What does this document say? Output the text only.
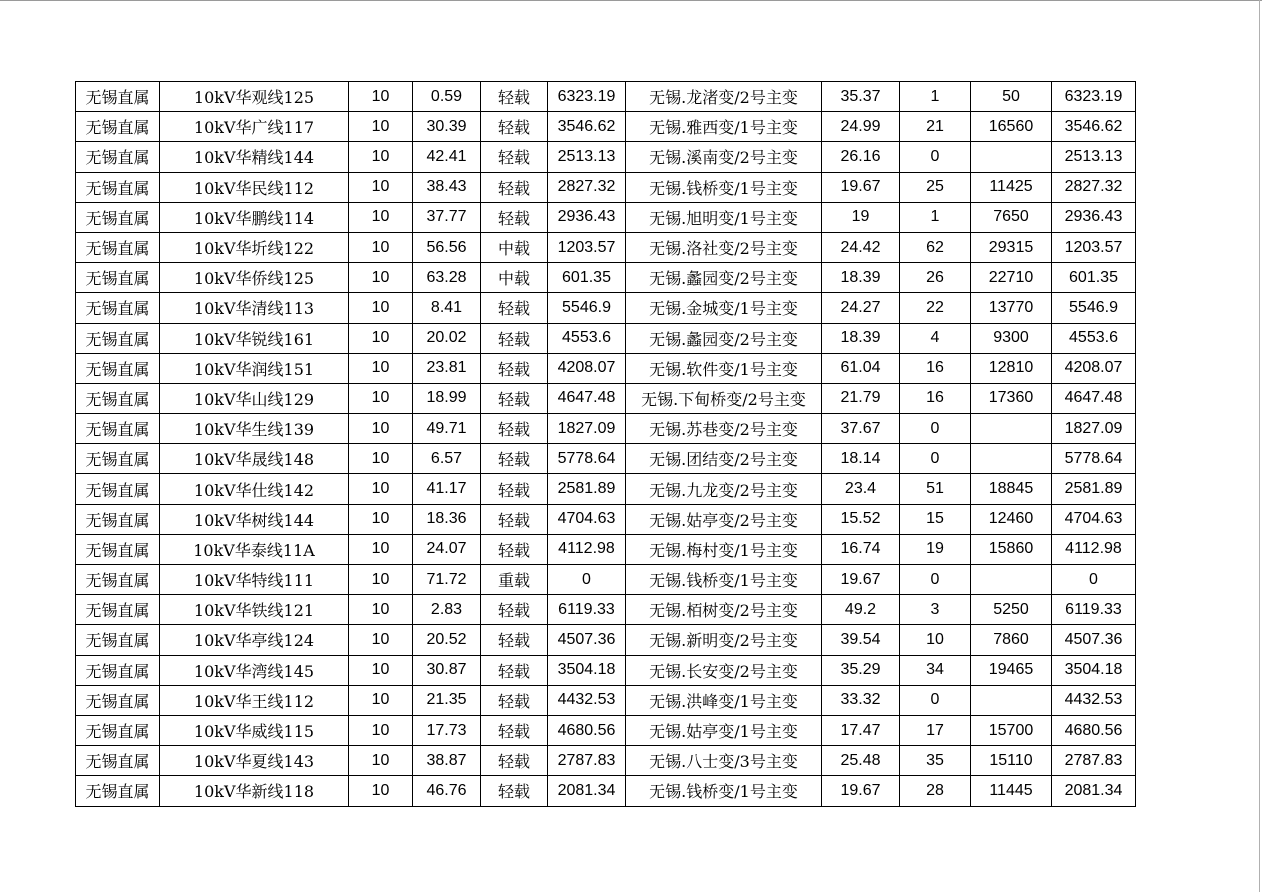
无锡直属	10kV华观线125	10	0.59	轻载	6323.19	无锡.龙渚变/2号主变	35.37	1	50	6323.19
无锡直属	10kV华广线117	10	30.39	轻载	3546.62	无锡.雅西变/1号主变	24.99	21	16560	3546.62
无锡直属	10kV华精线144	10	42.41	轻载	2513.13	无锡.溪南变/2号主变	26.16	0		2513.13
无锡直属	10kV华民线112	10	38.43	轻载	2827.32	无锡.钱桥变/1号主变	19.67	25	11425	2827.32
无锡直属	10kV华鹏线114	10	37.77	轻载	2936.43	无锡.旭明变/1号主变	19	1	7650	2936.43
无锡直属	10kV华圻线122	10	56.56	中载	1203.57	无锡.洛社变/2号主变	24.42	62	29315	1203.57
无锡直属	10kV华侨线125	10	63.28	中载	601.35	无锡.蠡园变/2号主变	18.39	26	22710	601.35
无锡直属	10kV华清线113	10	8.41	轻载	5546.9	无锡.金城变/1号主变	24.27	22	13770	5546.9
无锡直属	10kV华锐线161	10	20.02	轻载	4553.6	无锡.蠡园变/2号主变	18.39	4	9300	4553.6
无锡直属	10kV华润线151	10	23.81	轻载	4208.07	无锡.软件变/1号主变	61.04	16	12810	4208.07
无锡直属	10kV华山线129	10	18.99	轻载	4647.48	无锡.下甸桥变/2号主变	21.79	16	17360	4647.48
无锡直属	10kV华生线139	10	49.71	轻载	1827.09	无锡.苏巷变/2号主变	37.67	0		1827.09
无锡直属	10kV华晟线148	10	6.57	轻载	5778.64	无锡.团结变/2号主变	18.14	0		5778.64
无锡直属	10kV华仕线142	10	41.17	轻载	2581.89	无锡.九龙变/2号主变	23.4	51	18845	2581.89
无锡直属	10kV华树线144	10	18.36	轻载	4704.63	无锡.姑亭变/2号主变	15.52	15	12460	4704.63
无锡直属	10kV华泰线11A	10	24.07	轻载	4112.98	无锡.梅村变/1号主变	16.74	19	15860	4112.98
无锡直属	10kV华特线111	10	71.72	重载	0	无锡.钱桥变/1号主变	19.67	0		0
无锡直属	10kV华铁线121	10	2.83	轻载	6119.33	无锡.栢树变/2号主变	49.2	3	5250	6119.33
无锡直属	10kV华亭线124	10	20.52	轻载	4507.36	无锡.新明变/2号主变	39.54	10	7860	4507.36
无锡直属	10kV华湾线145	10	30.87	轻载	3504.18	无锡.长安变/2号主变	35.29	34	19465	3504.18
无锡直属	10kV华王线112	10	21.35	轻载	4432.53	无锡.洪峰变/1号主变	33.32	0		4432.53
无锡直属	10kV华威线115	10	17.73	轻载	4680.56	无锡.姑亭变/1号主变	17.47	17	15700	4680.56
无锡直属	10kV华夏线143	10	38.87	轻载	2787.83	无锡.八士变/3号主变	25.48	35	15110	2787.83
无锡直属	10kV华新线118	10	46.76	轻载	2081.34	无锡.钱桥变/1号主变	19.67	28	11445	2081.34
